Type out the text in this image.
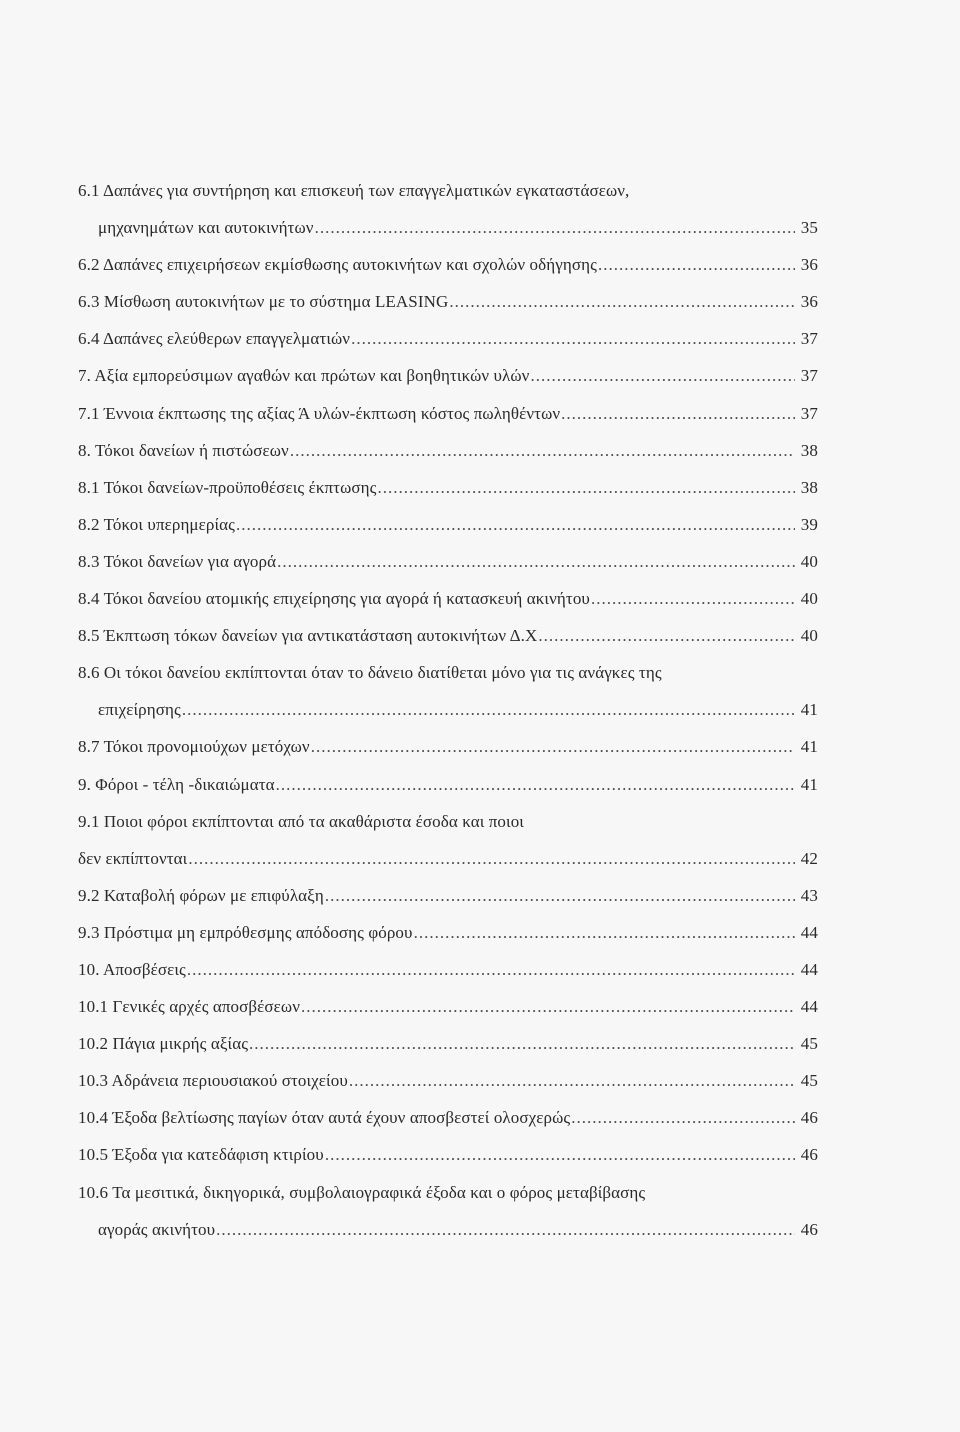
6.1 Δαπάνες για συντήρηση και επισκευή των επαγγελματικών εγκαταστάσεων,
μηχανημάτων και αυτοκινήτων .....	35
6.2 Δαπάνες επιχειρήσεων εκμίσθωσης αυτοκινήτων και σχολών οδήγησης .....	36
6.3 Μίσθωση αυτοκινήτων με το σύστημα LEASING .....	36
6.4 Δαπάνες ελεύθερων επαγγελματιών .....	37
7. Αξία εμπορεύσιμων αγαθών και πρώτων και βοηθητικών υλών .....	37
7.1 Έννοια έκπτωσης της αξίας Ά υλών-έκπτωση κόστος πωληθέντων .....	37
8. Τόκοι δανείων ή πιστώσεων .....	38
8.1 Τόκοι δανείων-προϋποθέσεις έκπτωσης .....	38
8.2 Τόκοι υπερημερίας .....	39
8.3 Τόκοι δανείων για αγορά .....	40
8.4 Τόκοι δανείου ατομικής επιχείρησης για αγορά ή κατασκευή ακινήτου .....	40
8.5 Έκπτωση τόκων δανείων για αντικατάσταση αυτοκινήτων Δ.Χ .....	40
8.6 Οι τόκοι δανείου εκπίπτονται όταν το δάνειο διατίθεται μόνο για τις ανάγκες της
επιχείρησης .....	41
8.7 Τόκοι προνομιούχων μετόχων .....	41
9. Φόροι - τέλη -δικαιώματα .....	41
9.1 Ποιοι φόροι εκπίπτονται από τα ακαθάριστα έσοδα και ποιοι
δεν εκπίπτονται .....	42
9.2 Καταβολή φόρων με επιφύλαξη .....	43
9.3 Πρόστιμα μη εμπρόθεσμης απόδοσης φόρου .....	44
10. Αποσβέσεις .....	44
10.1 Γενικές αρχές αποσβέσεων .....	44
10.2 Πάγια μικρής αξίας .....	45
10.3 Αδράνεια περιουσιακού στοιχείου .....	45
10.4 Έξοδα βελτίωσης παγίων όταν αυτά έχουν αποσβεστεί ολοσχερώς .....	46
10.5 Έξοδα για κατεδάφιση κτιρίου .....	46
10.6 Τα μεσιτικά, δικηγορικά, συμβολαιογραφικά έξοδα και ο φόρος μεταβίβασης
αγοράς ακινήτου .....	46
